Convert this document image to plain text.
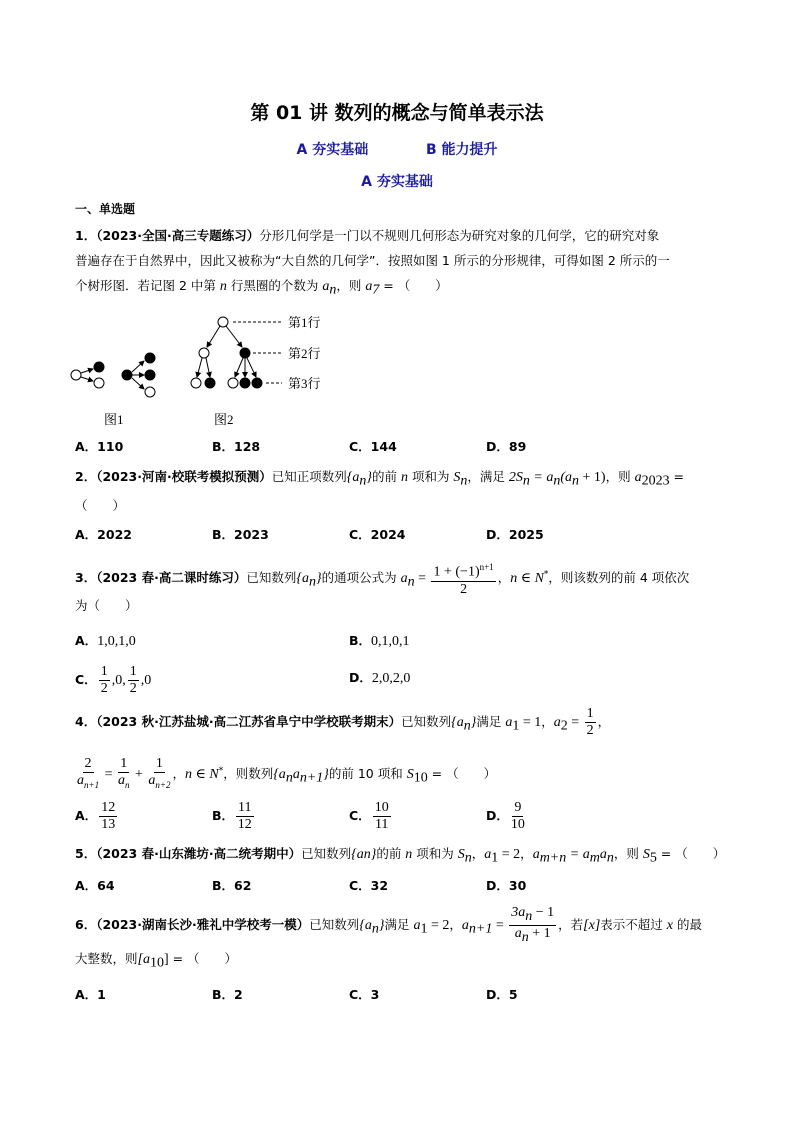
第 01 讲 数列的概念与简单表示法
A 夯实基础	B 能力提升
A 夯实基础
一、单选题
1．（2023·全国·高三专题练习）分形几何学是一门以不规则几何形态为研究对象的几何学，它的研究对象
普遍存在于自然界中，因此又被称为“大自然的几何学”．按照如图 1 所示的分形规律，可得如图 2 所示的一
个树形图．若记图 2 中第 n 行黑圈的个数为 $a_n$，则 $a_7$ = （　　）
第1行
第2行
第3行
图1	图2
A．110	B．128	C．144	D．89
2．（2023·河南·校联考模拟预测）已知正项数列$\{a_n\}$的前 n 项和为 $S_n$，满足 $2S_n = a_n(a_n + 1)$，则 $a_{2023}$ =
（　　）
A．2022	B．2023	C．2024	D．2025
3．（2023 春·高二课时练习）已知数列$\{a_n\}$的通项公式为 $a_n = \frac{1 + (-1)^{n+1}}{2}$ ，n ∈ N*，则该数列的前 4 项依次
为（　　）
A．1,0,1,0	B．0,1,0,1
C． $\frac{1}{2} ,0$, $\frac{1}{2} ,0$	D．2,0,2,0
4．（2023 秋·江苏盐城·高二江苏省阜宁中学校联考期末）已知数列$\{a_n\}$满足 $a_1 = 1$，$a_2 = \frac{1}{2}$ ，
$\frac{2}{a_{n+1}} = \frac{1}{a_n} + \frac{1}{a_{n+2}}$ ，n ∈ N*，则数列$\{a_na_{n+1}\}$的前 10 项和 $S_{10}$ = （　　）
A． $\frac{12}{13}$	B． $\frac{11}{12}$	C． $\frac{10}{11}$	D． $\frac{9}{10}$
5．（2023 春·山东潍坊·高二统考期中）已知数列{an}的前 n 项和为 $S_n$，$a_1 = 2$，$a_{m+n} = a_ma_n$，则 $S_5$ = （　　）
A．64	B．62	C．32	D．30
6．（2023·湖南长沙·雅礼中学校考一模）已知数列$\{a_n\}$满足 $a_1 = 2$，$a_{n+1} = \frac{3a_n - 1}{a_n + 1}$ ，若[x]表示不超过 x 的最
大整数，则$[a_{10}]$ = （　　）
A．1	B．2	C．3	D．5
